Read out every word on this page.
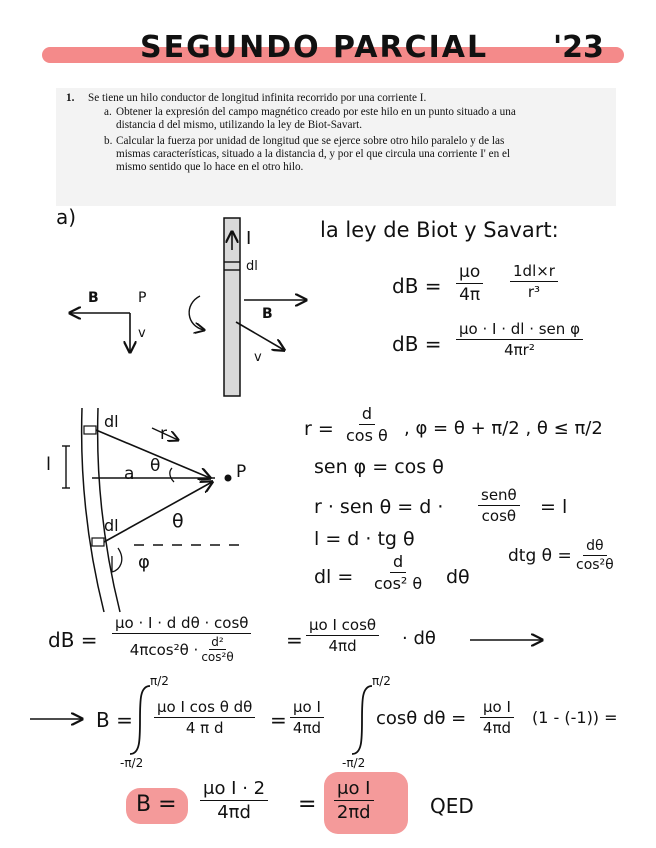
SEGUNDO PARCIAL '23
1. Se tiene un hilo conductor de longitud infinita recorrido por una corriente I.
a. Obtener la expresión del campo magnético creado por este hilo en un punto situado a una
distancia d del mismo, utilizando la ley de Biot-Savart.
b. Calcular la fuerza por unidad de longitud que se ejerce sobre otro hilo paralelo y de las
mismas características, situado a la distancia d, y por el que circula una corriente I' en el
mismo sentido que lo hace en el otro hilo.
a)
la ley de Biot y Savart:
I
dl
B	P
v
B
v
dl
r
l	a θ	P
dl	θ
φ
dB = $\frac{\mu o}{4\pi} \frac{1dl\times r}{\text{r³}}$
dB =
μo · I · dl · sen φ
4πr²
$r = \frac{d}{\text{cos θ}}$ , φ = θ + π/2 , θ ≤ π/2
sen φ = cos θ
r · sen θ = d ·
senθ
cosθ = l
l = d · tg θ
dl = $\frac{d}{\text{cos² θ}}$ dθ
dtg $\theta = \frac{d\theta}{\text{cos²θ}}$
dB = $\frac{\text{μo · I · d dθ · cosθ}}{4\pi\cos^2\theta \cdot \frac{\text{d²}}{\text{cos²θ}}} = \frac{\text{μo I cosθ}}{4\pi d} \cdot d\theta$
B =
π/2
-π/2
$\frac{\text{μo I cos θ dθ}}{\text{4 π d}} = \frac{\text{μo I}}{4\pi d}$
π/2
-π/2
cosθ $d\theta = \frac{\text{μo I}}{4\pi d} (1 - (-1))$ =
$B = \frac{\text{μo I · 2}}{4\pi d} = \frac{\text{μo I}}{2\pi d}$	QED
